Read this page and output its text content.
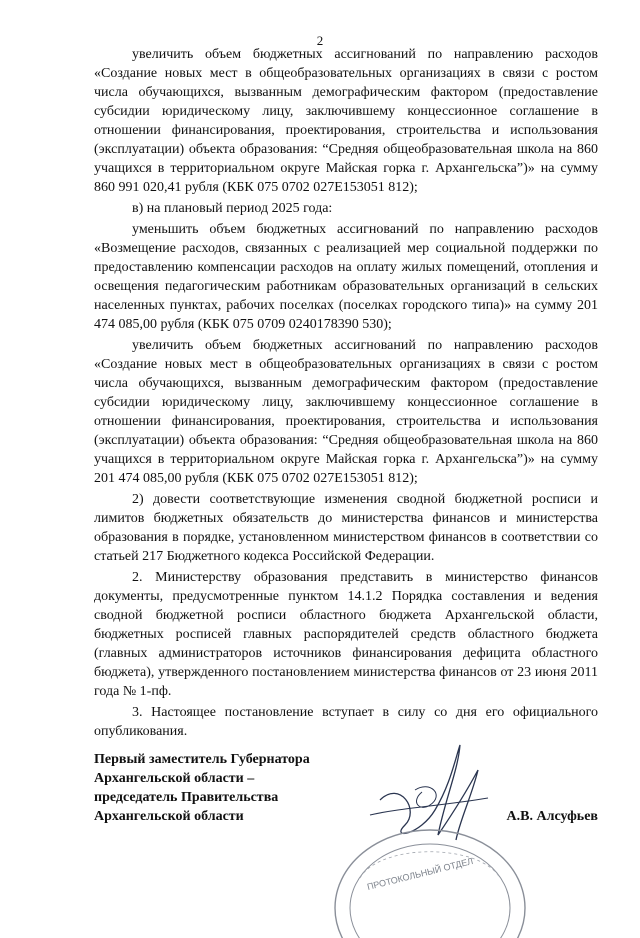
2

увеличить объем бюджетных ассигнований по направлению расходов «Создание новых мест в общеобразовательных организациях в связи с ростом числа обучающихся, вызванным демографическим фактором (предоставление субсидии юридическому лицу, заключившему концессионное соглашение в отношении финансирования, проектирования, строительства и использования (эксплуатации) объекта образования: “Средняя общеобразовательная школа на 860 учащихся в территориальном округе Майская горка г. Архангельска”)» на сумму 860 991 020,41 рубля (КБК 075 0702 027E153051 812);

в) на плановый период 2025 года:

уменьшить объем бюджетных ассигнований по направлению расходов «Возмещение расходов, связанных с реализацией мер социальной поддержки по предоставлению компенсации расходов на оплату жилых помещений, отопления и освещения педагогическим работникам образовательных организаций в сельских населенных пунктах, рабочих поселках (поселках городского типа)» на сумму 201 474 085,00 рубля (КБК 075 0709 0240178390 530);

увеличить объем бюджетных ассигнований по направлению расходов «Создание новых мест в общеобразовательных организациях в связи с ростом числа обучающихся, вызванным демографическим фактором (предоставление субсидии юридическому лицу, заключившему концессионное соглашение в отношении финансирования, проектирования, строительства и использования (эксплуатации) объекта образования: “Средняя общеобразовательная школа на 860 учащихся в территориальном округе Майская горка г. Архангельска”)» на сумму 201 474 085,00 рубля (КБК 075 0702 027E153051 812);

2) довести соответствующие изменения сводной бюджетной росписи и лимитов бюджетных обязательств до министерства финансов и министерства образования в порядке, установленном министерством финансов в соответствии со статьей 217 Бюджетного кодекса Российской Федерации.

2. Министерству образования представить в министерство финансов документы, предусмотренные пунктом 14.1.2 Порядка составления и ведения сводной бюджетной росписи областного бюджета Архангельской области, бюджетных росписей главных распорядителей средств областного бюджета (главных администраторов источников финансирования дефицита областного бюджета), утвержденного постановлением министерства финансов от 23 июня 2011 года № 1-пф.

3. Настоящее постановление вступает в силу со дня его официального опубликования.

ПРОТОКОЛЬНЫЙ ОТДЕЛ
Первый заместитель Губернатора
Архангельской области –
председатель Правительства
Архангельской области	А.В. Алсуфьев
